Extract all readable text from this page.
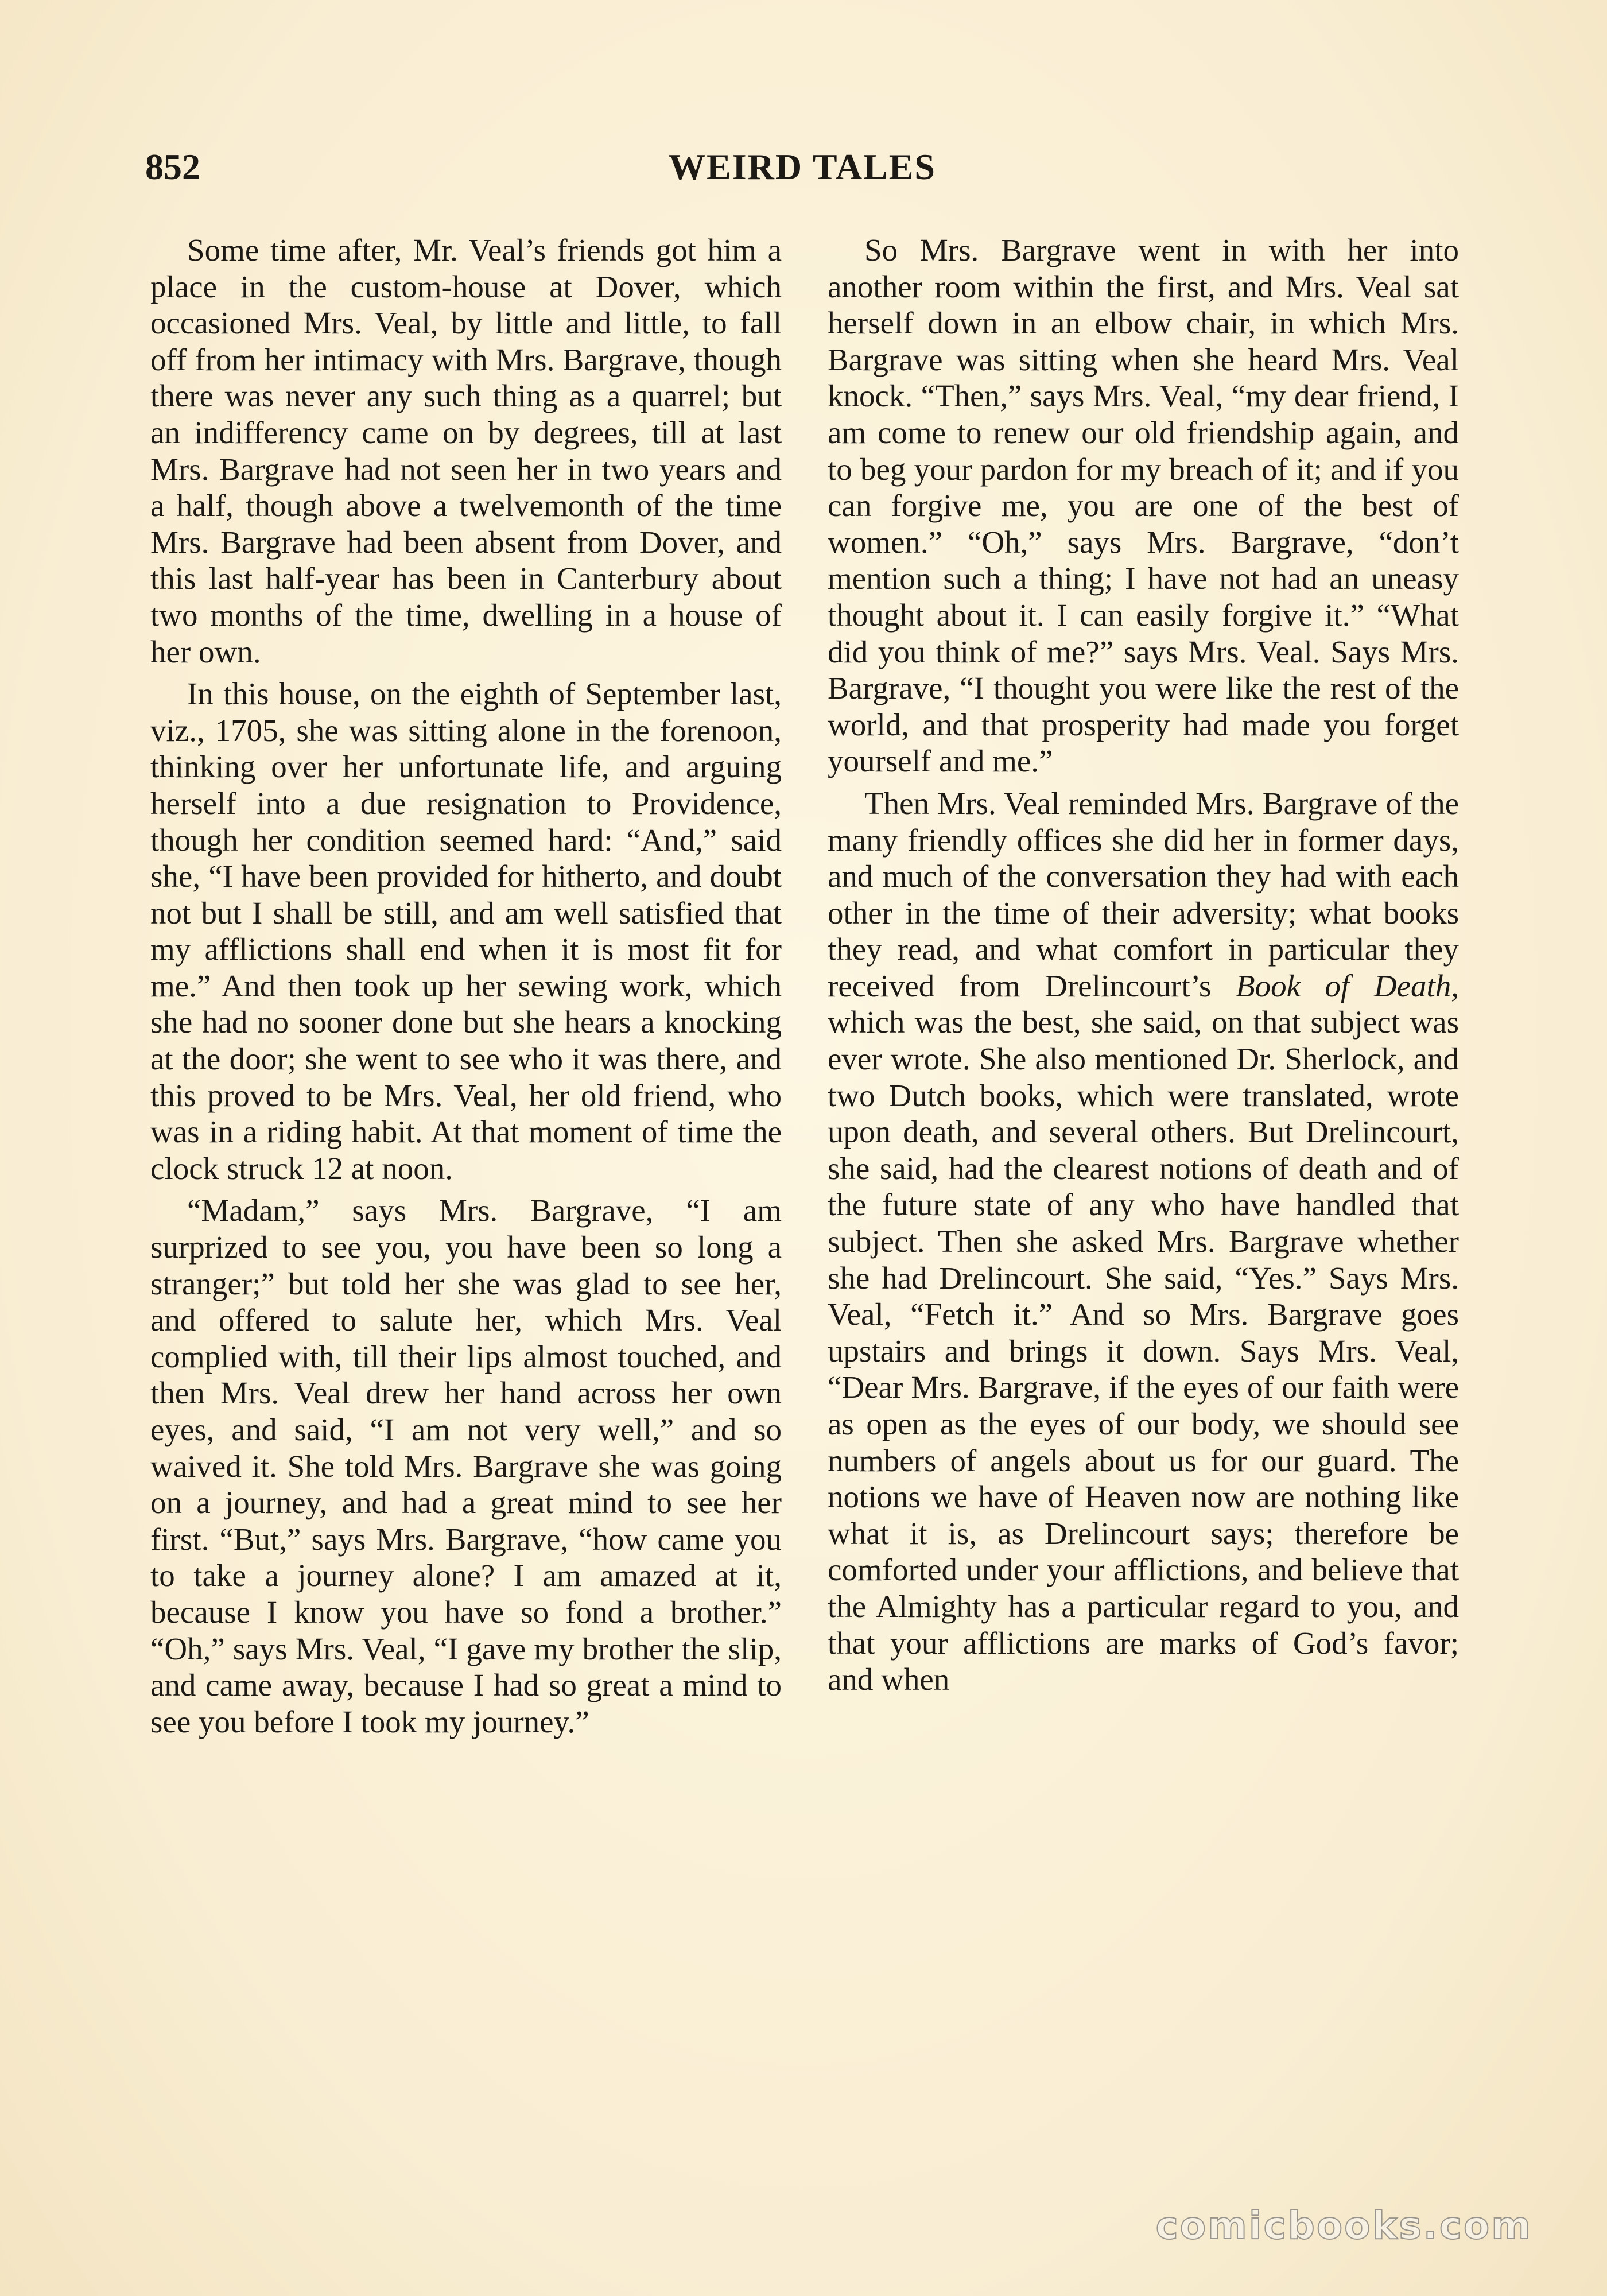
852	WEIRD TALES

Some time after, Mr. Veal’s friends got him a place in the custom-house at Dover, which occasioned Mrs. Veal, by little and little, to fall off from her intimacy with Mrs. Bargrave, though there was never any such thing as a quarrel; but an indifferency came on by degrees, till at last Mrs. Bargrave had not seen her in two years and a half, though above a twelvemonth of the time Mrs. Bargrave had been absent from Dover, and this last half-year has been in Canterbury about two months of the time, dwelling in a house of her own.

In this house, on the eighth of September last, viz., 1705, she was sitting alone in the forenoon, thinking over her unfortunate life, and arguing herself into a due resignation to Providence, though her condition seemed hard: “And,” said she, “I have been provided for hitherto, and doubt not but I shall be still, and am well satisfied that my afflictions shall end when it is most fit for me.” And then took up her sewing work, which she had no sooner done but she hears a knocking at the door; she went to see who it was there, and this proved to be Mrs. Veal, her old friend, who was in a riding habit. At that moment of time the clock struck 12 at noon.

“Madam,” says Mrs. Bargrave, “I am surprized to see you, you have been so long a stranger;” but told her she was glad to see her, and offered to salute her, which Mrs. Veal complied with, till their lips almost touched, and then Mrs. Veal drew her hand across her own eyes, and said, “I am not very well,” and so waived it. She told Mrs. Bargrave she was going on a journey, and had a great mind to see her first. “But,” says Mrs. Bargrave, “how came you to take a journey alone? I am amazed at it, because I know you have so fond a brother.” “Oh,” says Mrs. Veal, “I gave my brother the slip, and came away, because I had so great a mind to see you before I took my journey.”

So Mrs. Bargrave went in with her into another room within the first, and Mrs. Veal sat herself down in an elbow chair, in which Mrs. Bargrave was sitting when she heard Mrs. Veal knock. “Then,” says Mrs. Veal, “my dear friend, I am come to renew our old friendship again, and to beg your pardon for my breach of it; and if you can forgive me, you are one of the best of women.” “Oh,” says Mrs. Bargrave, “don’t mention such a thing; I have not had an uneasy thought about it. I can easily forgive it.” “What did you think of me?” says Mrs. Veal. Says Mrs. Bargrave, “I thought you were like the rest of the world, and that prosperity had made you forget yourself and me.”

Then Mrs. Veal reminded Mrs. Bargrave of the many friendly offices she did her in former days, and much of the conversation they had with each other in the time of their adversity; what books they read, and what comfort in particular they received from Drelincourt’s Book of Death, which was the best, she said, on that subject was ever wrote. She also mentioned Dr. Sherlock, and two Dutch books, which were translated, wrote upon death, and several others. But Drelincourt, she said, had the clearest notions of death and of the future state of any who have handled that subject. Then she asked Mrs. Bargrave whether she had Drelincourt. She said, “Yes.” Says Mrs. Veal, “Fetch it.” And so Mrs. Bargrave goes upstairs and brings it down. Says Mrs. Veal, “Dear Mrs. Bargrave, if the eyes of our faith were as open as the eyes of our body, we should see numbers of angels about us for our guard. The notions we have of Heaven now are nothing like what it is, as Drelincourt says; therefore be comforted under your afflictions, and believe that the Almighty has a particular regard to you, and that your afflictions are marks of God’s favor; and when

comicbooks.com
